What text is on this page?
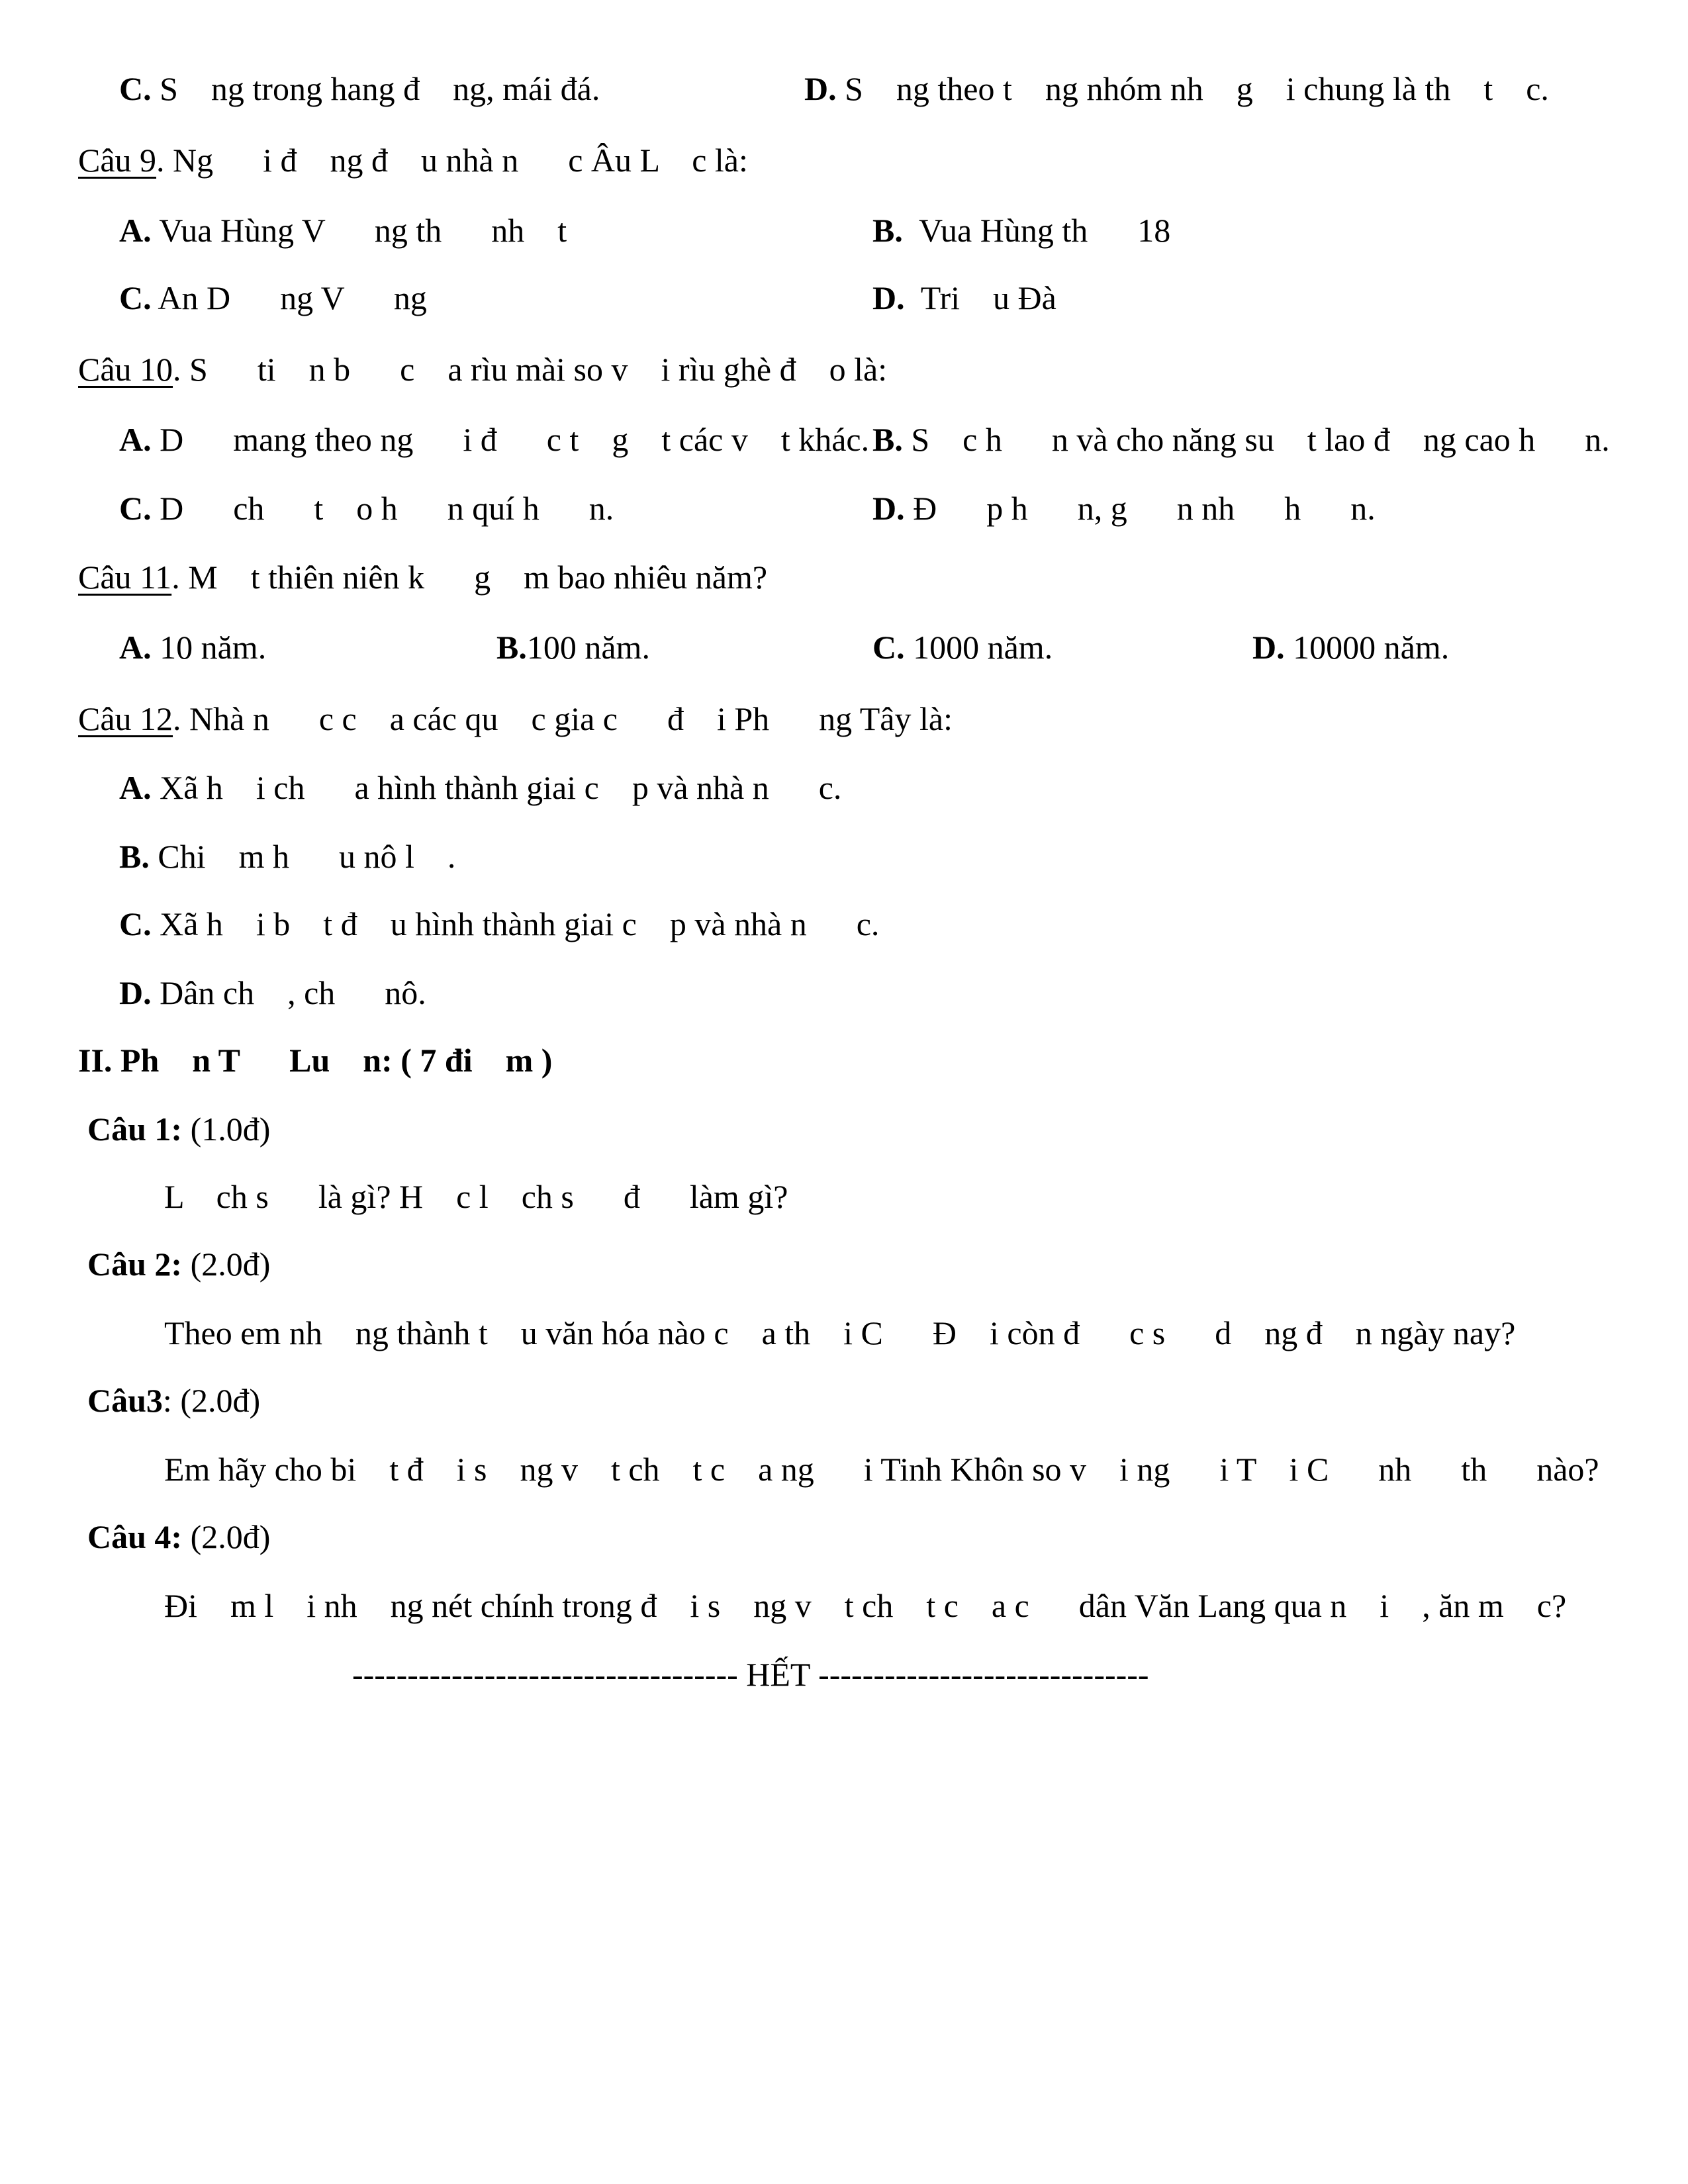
C. S    ng trong hang đ    ng, mái đá.	D. S    ng theo t    ng nhóm nh    g    i chung là th    t    c.
Câu 9. Ng      i đ    ng đ    u nhà n      c Âu L    c là:
A. Vua Hùng V      ng th      nh    t	B.  Vua Hùng th      18
C. An D      ng V      ng	D.  Tri    u Đà
Câu 10. S      ti    n b      c    a rìu mài so v    i rìu ghè đ    o là:
A. D      mang theo ng      i đ      c t    g    t các v    t khác. B. S    c h      n và cho năng su    t lao đ    ng cao h      n.
C. D      ch      t    o h      n quí h      n.	D. Đ      p h      n, g      n nh      h      n.
Câu 11. M    t thiên niên k      g    m bao nhiêu năm?
A. 10 năm.	B.100 năm.	C. 1000 năm.	D. 10000 năm.
Câu 12. Nhà n      c c    a các qu    c gia c      đ    i Ph      ng Tây là:
A. Xã h    i ch      a hình thành giai c    p và nhà n      c.
B. Chi    m h      u nô l    .
C. Xã h    i b    t đ    u hình thành giai c    p và nhà n      c.
D. Dân ch    , ch      nô.
II. Ph    n T      Lu    n: ( 7 đi    m )
Câu 1: (1.0đ)
L    ch s      là gì? H    c l    ch s      đ      làm gì?
Câu 2: (2.0đ)
Theo em nh    ng thành t    u văn hóa nào c    a th    i C      Đ    i còn đ      c s      d    ng đ    n ngày nay?
Câu3: (2.0đ)
Em hãy cho bi    t đ    i s    ng v    t ch    t c    a ng      i Tinh Khôn so v    i ng      i T    i C      nh      th      nào?
Câu 4: (2.0đ)
Đi    m l    i nh    ng nét chính trong đ    i s    ng v    t ch    t c    a c      dân Văn Lang qua n    i    , ăn m    c?
----------------------------------- HẾT ------------------------------
